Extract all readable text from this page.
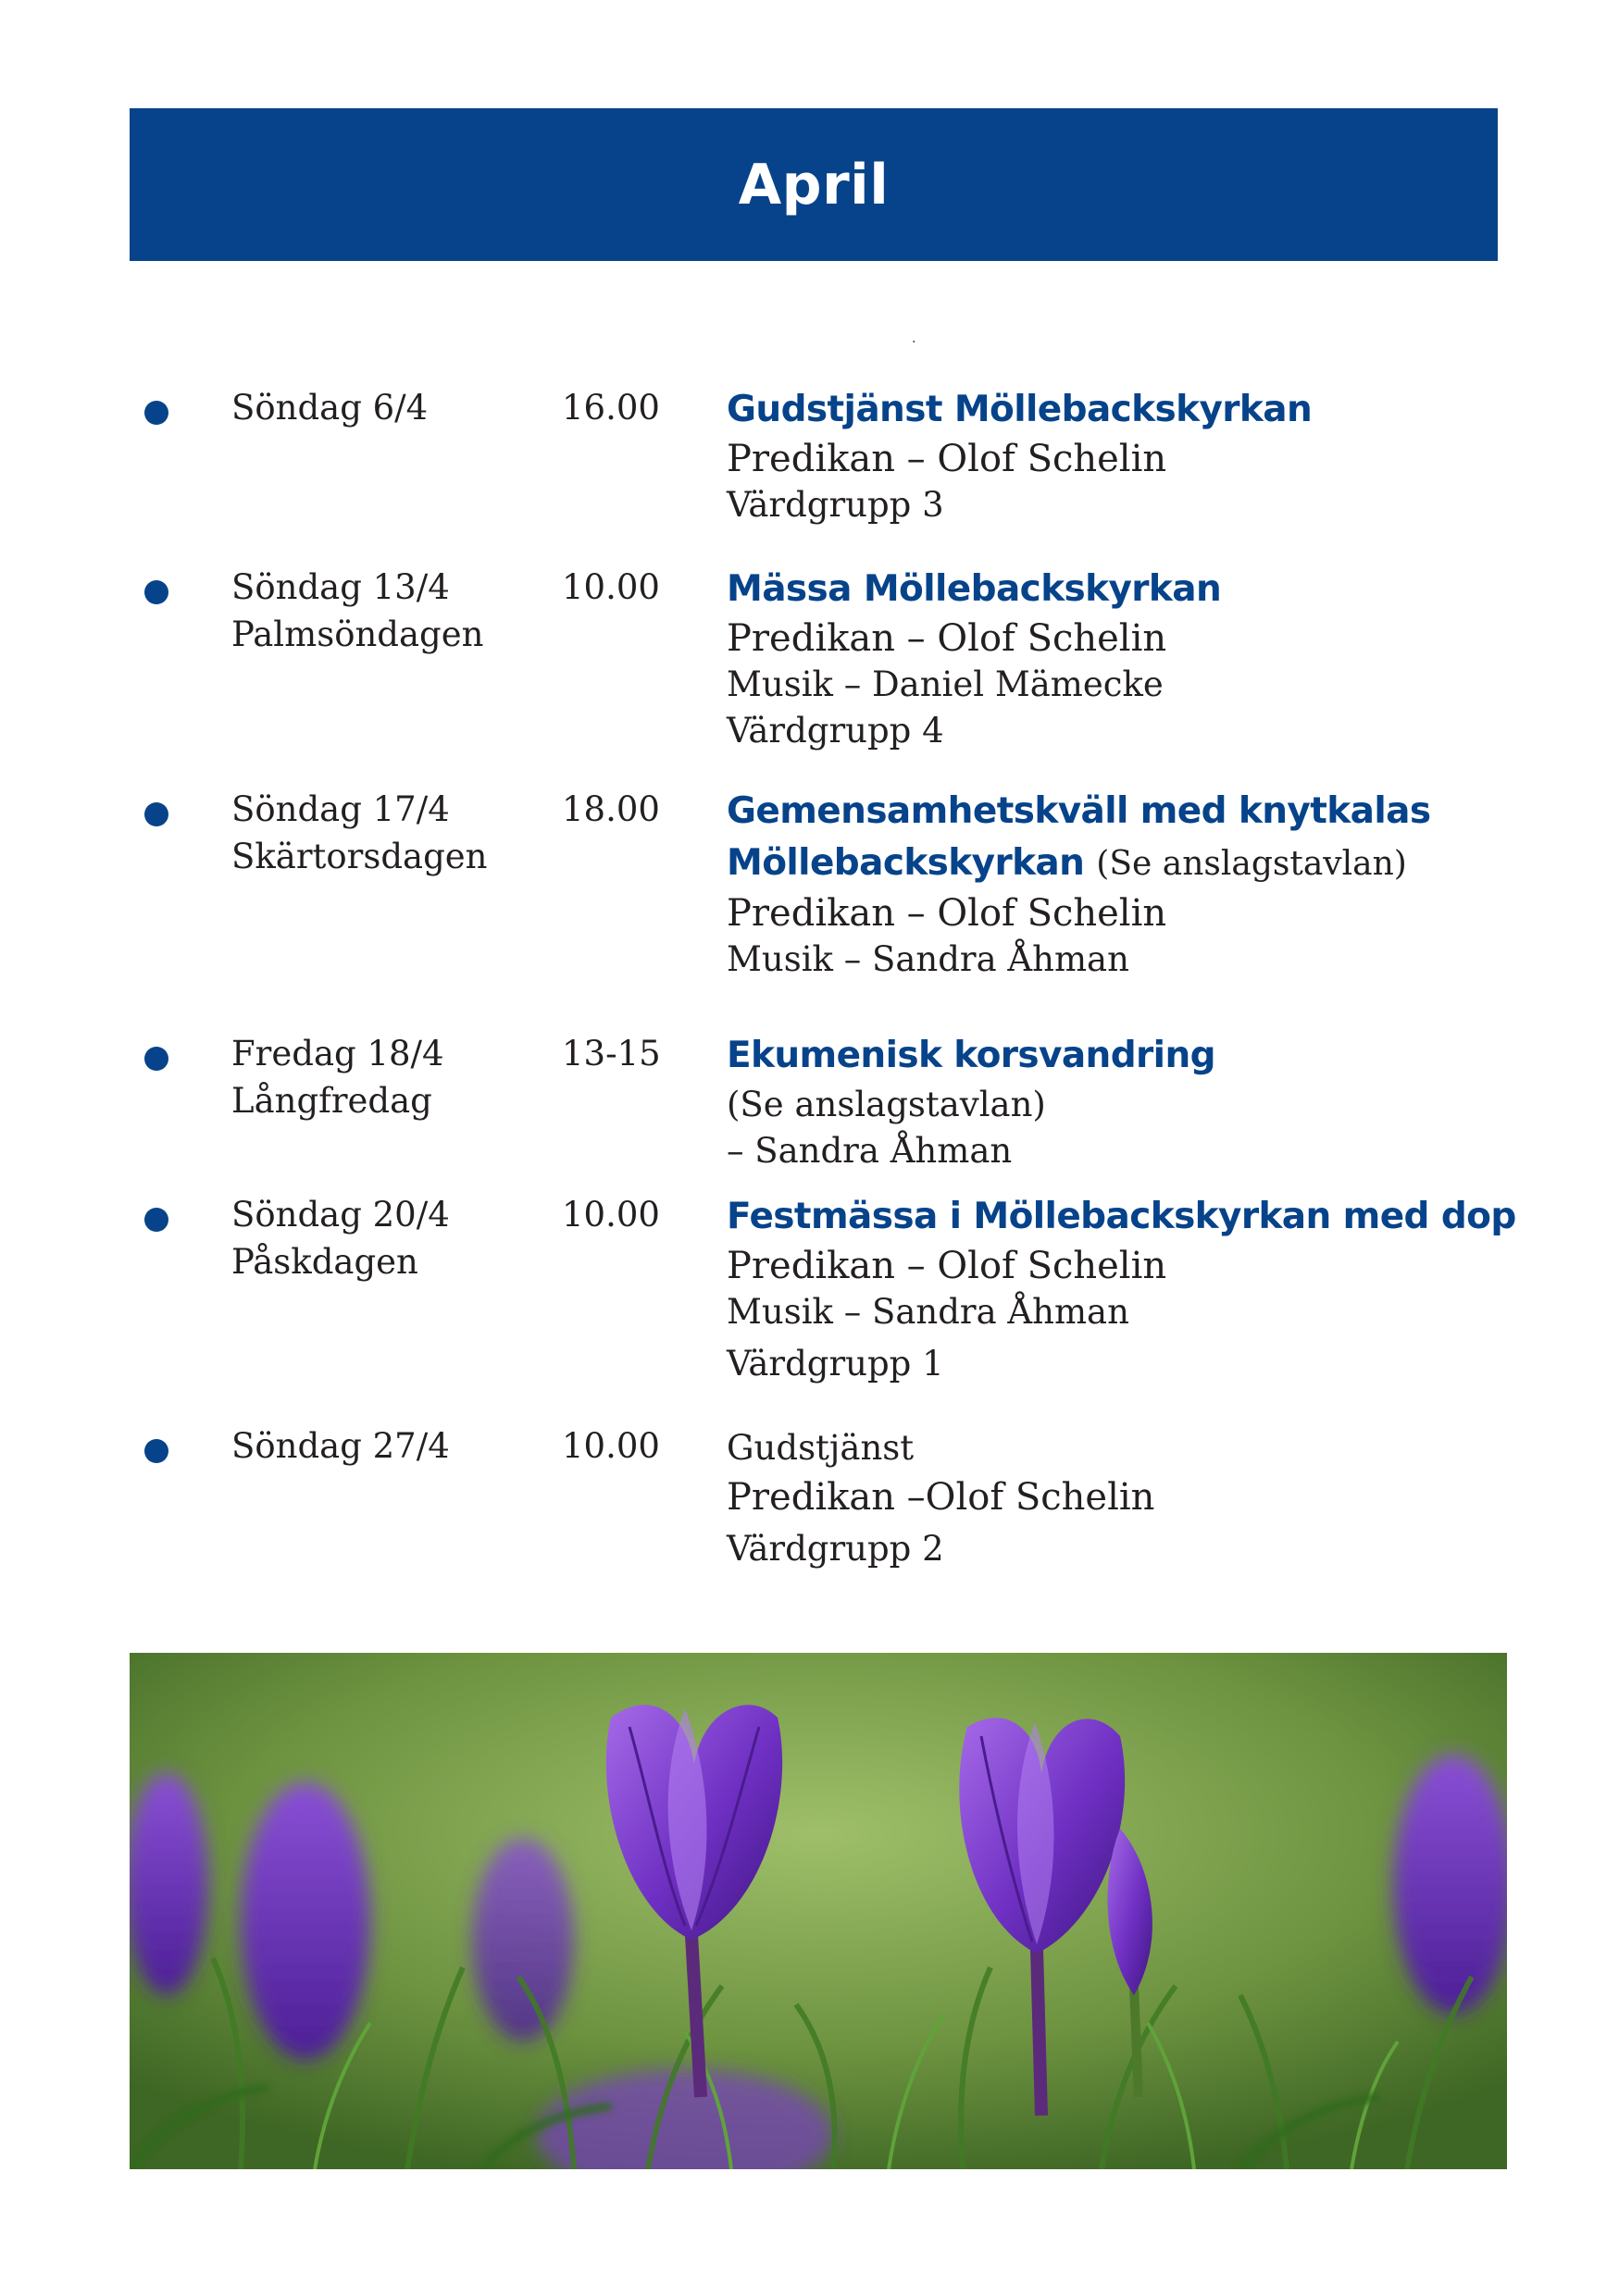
April
.
Söndag 6/4	16.00 Gudstjänst Möllebackskyrkan
Predikan – Olof Schelin
Värdgrupp 3
Söndag 13/4
Palmsöndagen
10.00 Mässa Möllebackskyrkan
Predikan – Olof Schelin
Musik – Daniel Mämecke
Värdgrupp 4
Söndag 17/4
Skärtorsdagen
18.00 Gemensamhetskväll med knytkalas
Möllebackskyrkan (Se anslagstavlan)
Predikan – Olof Schelin
Musik – Sandra Åhman
Fredag 18/4
Långfredag
13-15 Ekumenisk korsvandring
(Se anslagstavlan)
– Sandra Åhman
Söndag 20/4
Påskdagen
10.00 Festmässa i Möllebackskyrkan med dop
Predikan – Olof Schelin
Musik – Sandra Åhman
Värdgrupp 1
Söndag 27/4	10.00 Gudstjänst
Predikan –Olof Schelin
Värdgrupp 2
